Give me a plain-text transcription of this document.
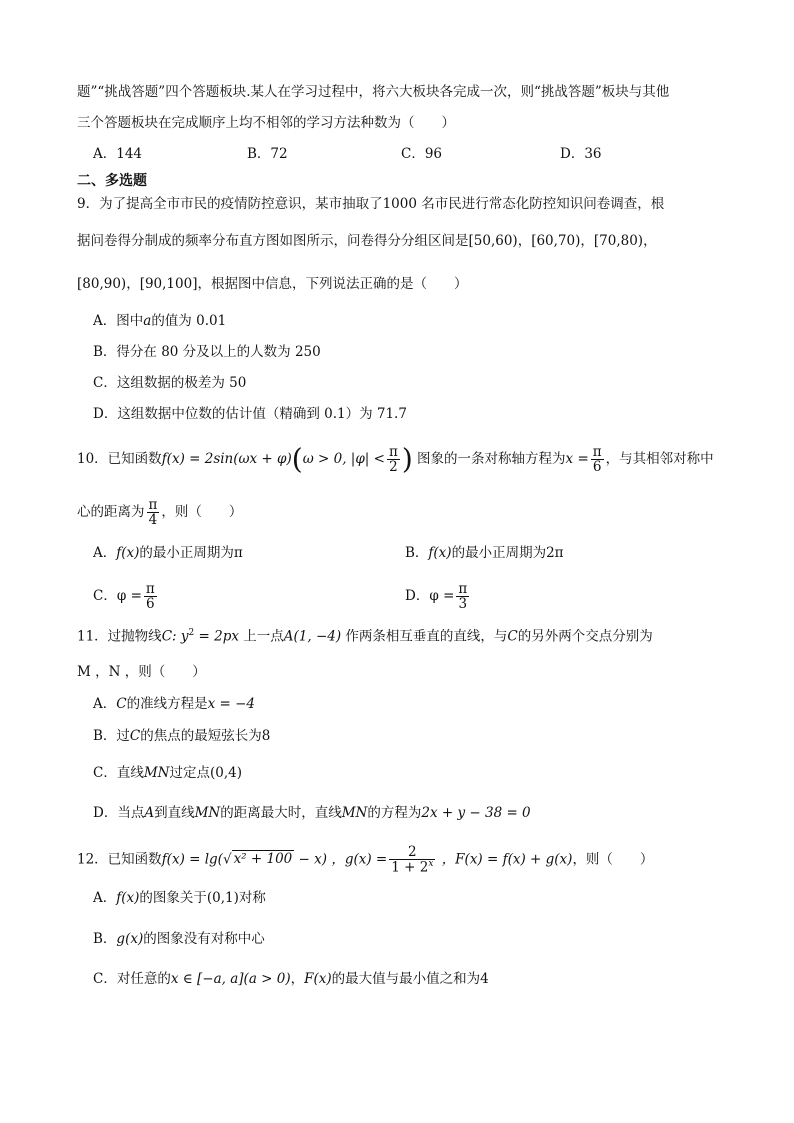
题”“挑战答题”四个答题板块.某人在学习过程中，将六大板块各完成一次，则“挑战答题”板块与其他
三个答题板块在完成顺序上均不相邻的学习方法种数为（　　）
A．144	B．72	C．96	D．36
二、多选题
9．为了提高全市市民的疫情防控意识，某市抽取了1000 名市民进行常态化防控知识问卷调查，根
据问卷得分制成的频率分布直方图如图所示，问卷得分分组区间是[50,60)，[60,70)，[70,80)，
[80,90)，[90,100]，根据图中信息，下列说法正确的是（　　）
A．图中a的值为 0.01
B．得分在 80 分及以上的人数为 250
C．这组数据的极差为 50
D．这组数据中位数的估计值（精确到 0.1）为 71.7
10．已知函数f(x) = 2sin(ωx + φ)(ω > 0, $|\varphi| < \frac{\pi}{2}$ ) 图象的一条对称轴方程为$x = \frac{\pi}{6}$ ，与其相邻对称中
心的距离为 $\frac{\pi}{4}$ ，则（　　）
A．f(x)的最小正周期为π	B．f(x)的最小正周期为2π
C．$\varphi = \frac{\pi}{6}$	D．$\varphi = \frac{\pi}{3}$
11．过抛物线C: $y^2 = 2px$ 上一点A(1, −4) 作两条相互垂直的直线，与C的另外两个交点分别为
M ，N ，则（　　）
A．C的准线方程是x = −4
B．过C的焦点的最短弦长为8
C．直线MN过定点(0,4)
D．当点A到直线MN的距离最大时，直线MN的方程为2x + y − 38 = 0
12．已知函数f(x) = lg(√ x² + 100 − x) ，$g(x) = \frac{2}{1 + 2^x}$ ，F(x) = f(x) + g(x)，则（　　）
A．f(x)的图象关于(0,1)对称
B．g(x)的图象没有对称中心
C．对任意的x ∈ [−a, a](a > 0)，F(x)的最大值与最小值之和为4
